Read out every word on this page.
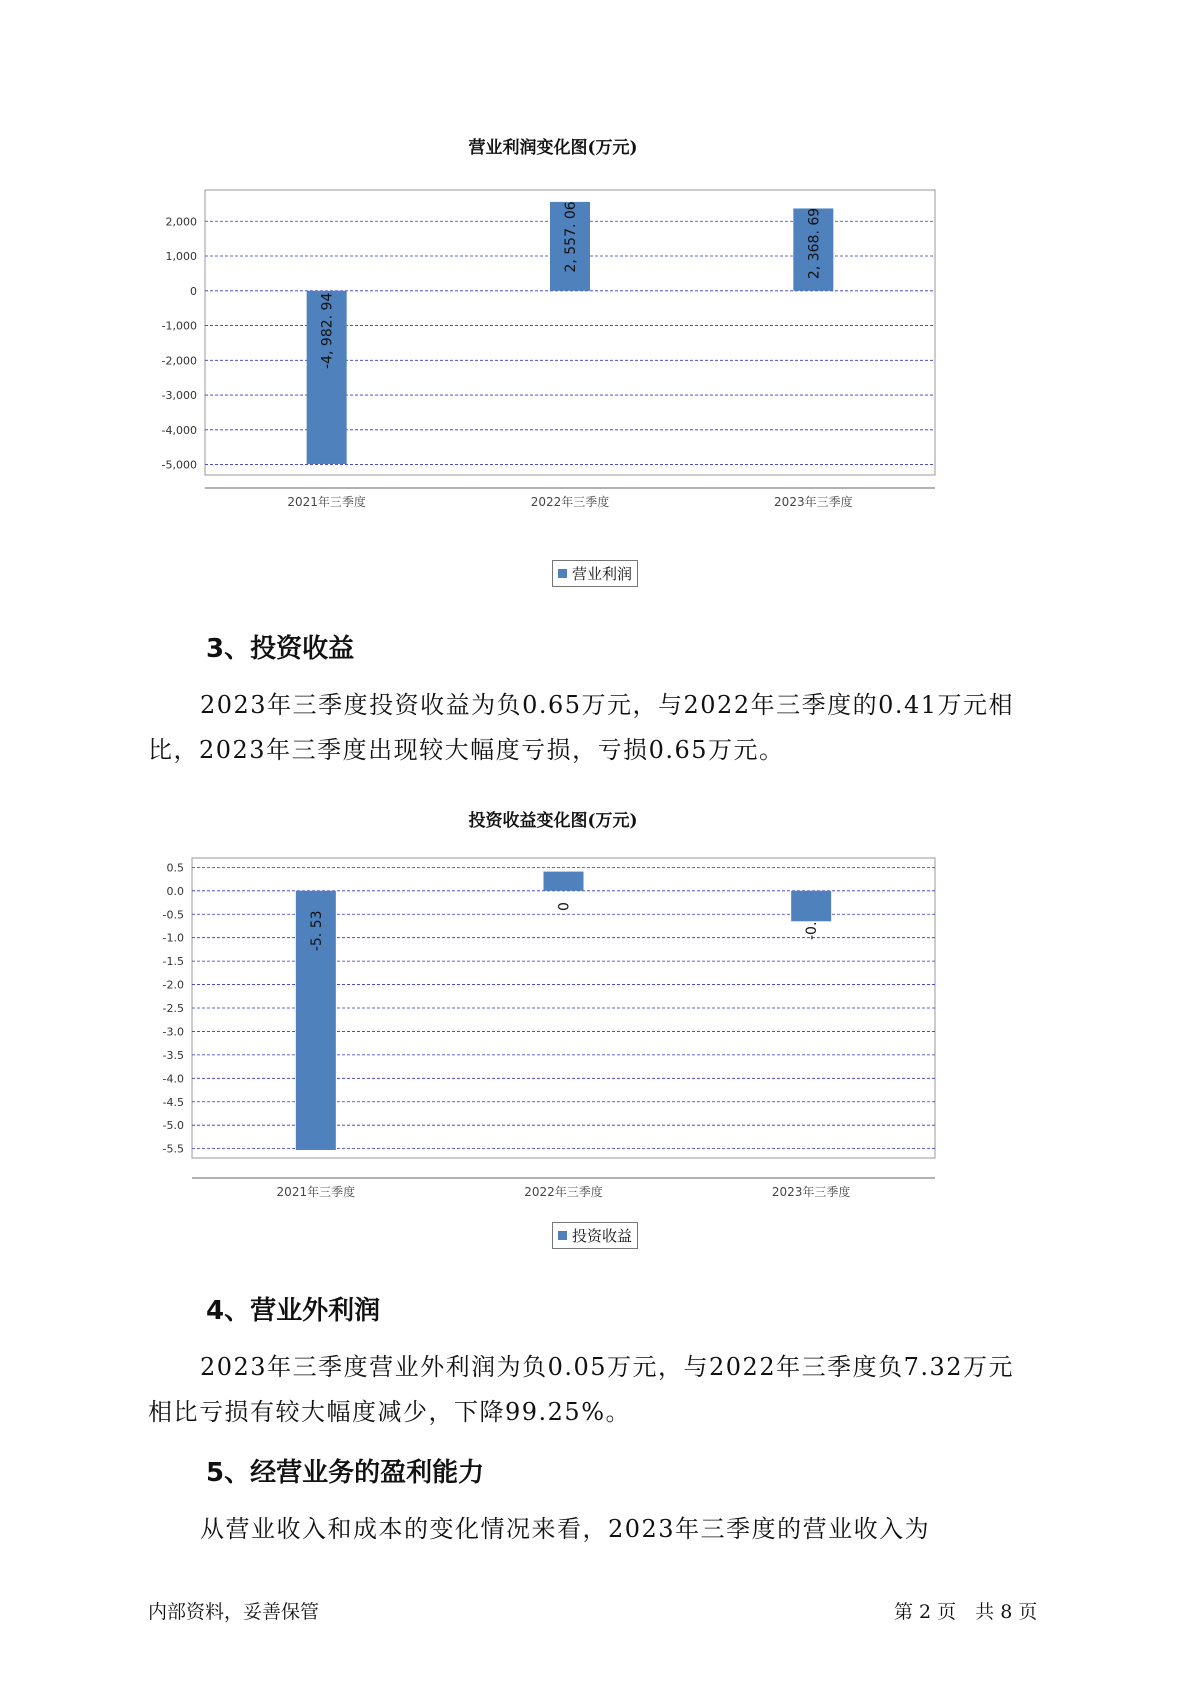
营业利润变化图(万元)
2,000
1,000
0
-1,000
-2,000
-3,000
-4,000
-5,000
-4, 982. 94
2021年三季度
2, 557. 06
2022年三季度
2, 368. 69
2023年三季度
营业利润
3、投资收益
2023年三季度投资收益为负0.65万元，与2022年三季度的0.41万元相
比，2023年三季度出现较大幅度亏损，亏损0.65万元。
投资收益变化图(万元)
0.5
0.0
-0.5
-1.0
-1.5
-2.0
-2.5
-3.0
-3.5
-4.0
-4.5
-5.0
-5.5
-5. 53
2021年三季度
0
2022年三季度
-0.
2023年三季度
投资收益
4、营业外利润
2023年三季度营业外利润为负0.05万元，与2022年三季度负7.32万元
相比亏损有较大幅度减少，下降99.25%。
5、经营业务的盈利能力
从营业收入和成本的变化情况来看，2023年三季度的营业收入为
内部资料，妥善保管	第 2 页　共 8 页
